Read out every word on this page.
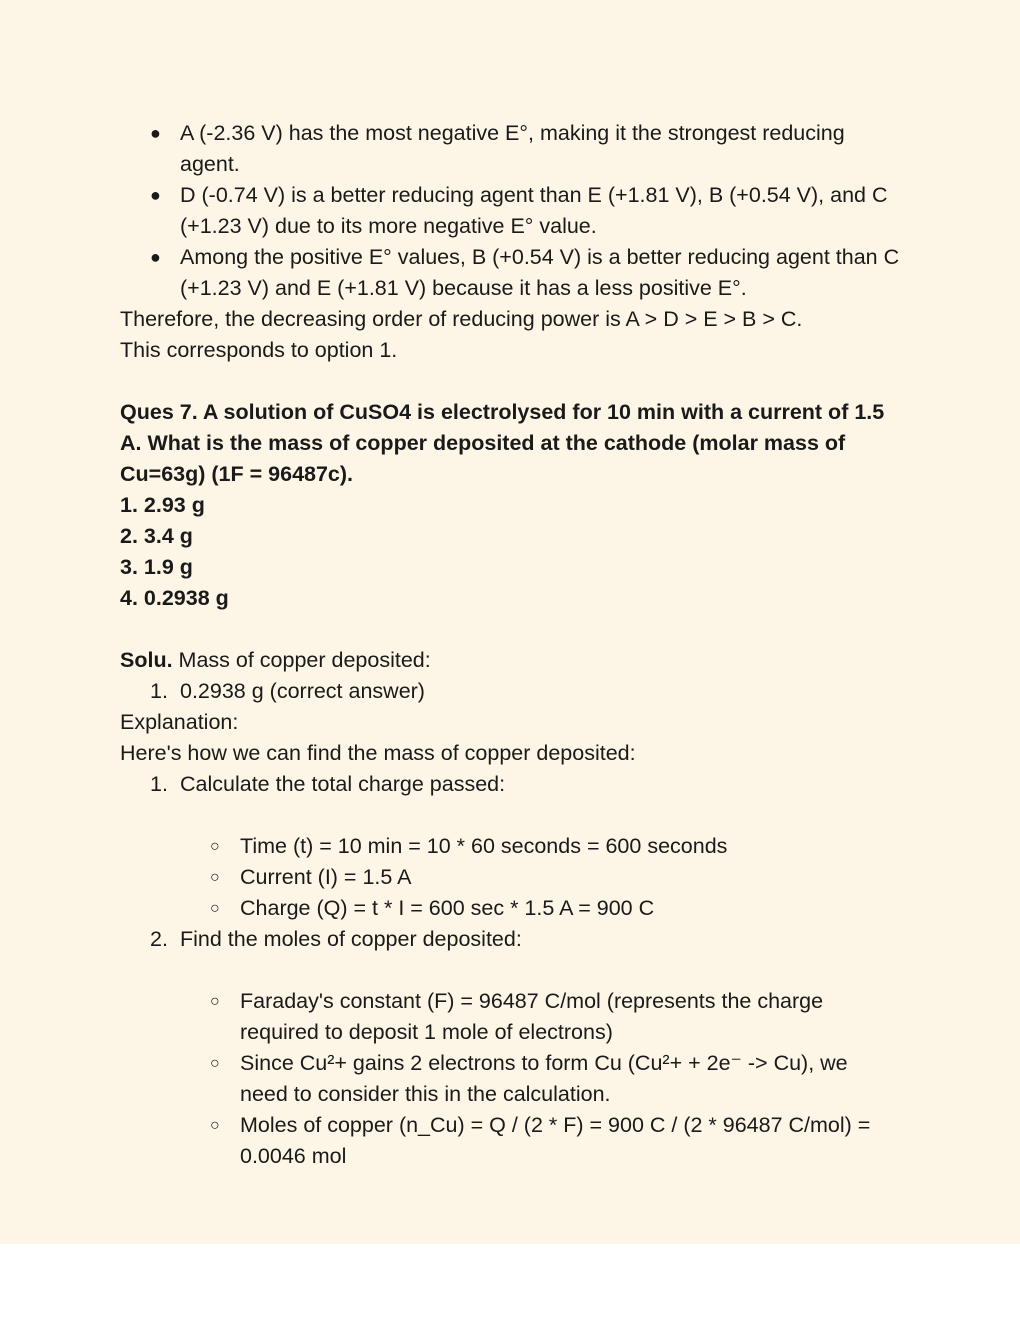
● A (-2.36 V) has the most negative E°, making it the strongest reducing agent.
● D (-0.74 V) is a better reducing agent than E (+1.81 V), B (+0.54 V), and C (+1.23 V) due to its more negative E° value.
● Among the positive E° values, B (+0.54 V) is a better reducing agent than C (+1.23 V) and E (+1.81 V) because it has a less positive E°.

Therefore, the decreasing order of reducing power is A > D > E > B > C.

This corresponds to option 1.

Ques 7. A solution of CuSO4 is electrolysed for 10 min with a current of 1.5 A. What is the mass of copper deposited at the cathode (molar mass of Cu=63g) (1F = 96487c).

1. 2.93 g

2. 3.4 g

3. 1.9 g

4. 0.2938 g

Solu. Mass of copper deposited:

1. 0.2938 g (correct answer)

Explanation:

Here's how we can find the mass of copper deposited:

1. Calculate the total charge passed:
○ Time (t) = 10 min = 10 * 60 seconds = 600 seconds
○ Current (I) = 1.5 A
○ Charge (Q) = t * I = 600 sec * 1.5 A = 900 C
2. Find the moles of copper deposited:
○ Faraday's constant (F) = 96487 C/mol (represents the charge required to deposit 1 mole of electrons)
○ Since Cu²+ gains 2 electrons to form Cu (Cu²+ + 2e⁻ -> Cu), we need to consider this in the calculation.
○ Moles of copper (n_Cu) = Q / (2 * F) = 900 C / (2 * 96487 C/mol) = 0.0046 mol
